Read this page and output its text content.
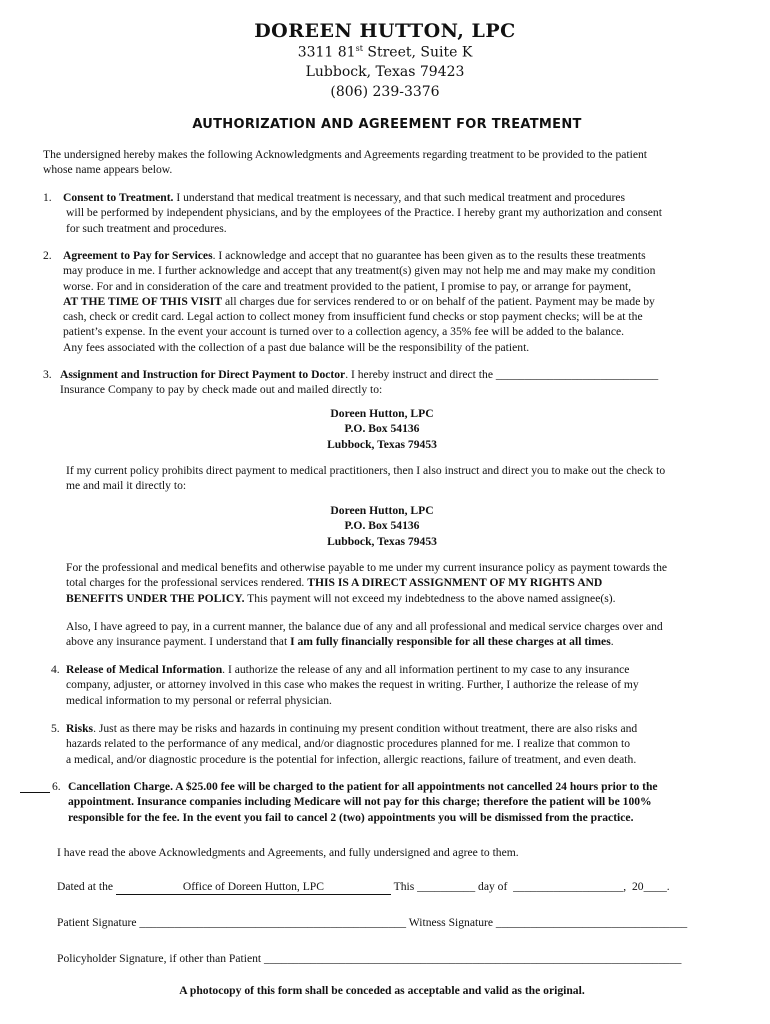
DOREEN HUTTON, LPC
3311 81st Street, Suite K
Lubbock, Texas 79423
(806) 239-3376
AUTHORIZATION AND AGREEMENT FOR TREATMENT
The undersigned hereby makes the following Acknowledgments and Agreements regarding treatment to be provided to the patient
whose name appears below.
1. Consent to Treatment. I understand that medical treatment is necessary, and that such medical treatment and procedures
will be performed by independent physicians, and by the employees of the Practice. I hereby grant my authorization and consent
for such treatment and procedures.
2. Agreement to Pay for Services. I acknowledge and accept that no guarantee has been given as to the results these treatments
may produce in me. I further acknowledge and accept that any treatment(s) given may not help me and may make my condition
worse. For and in consideration of the care and treatment provided to the patient, I promise to pay, or arrange for payment,
AT THE TIME OF THIS VISIT all charges due for services rendered to or on behalf of the patient. Payment may be made by
cash, check or credit card. Legal action to collect money from insufficient fund checks or stop payment checks; will be at the
patient’s expense. In the event your account is turned over to a collection agency, a 35% fee will be added to the balance.
Any fees associated with the collection of a past due balance will be the responsibility of the patient.
3. Assignment and Instruction for Direct Payment to Doctor. I hereby instruct and direct the ____________________________
Insurance Company to pay by check made out and mailed directly to:
Doreen Hutton, LPC
P.O. Box 54136
Lubbock, Texas 79453
If my current policy prohibits direct payment to medical practitioners, then I also instruct and direct you to make out the check to
me and mail it directly to:
Doreen Hutton, LPC
P.O. Box 54136
Lubbock, Texas 79453
For the professional and medical benefits and otherwise payable to me under my current insurance policy as payment towards the
total charges for the professional services rendered. THIS IS A DIRECT ASSIGNMENT OF MY RIGHTS AND
BENEFITS UNDER THE POLICY. This payment will not exceed my indebtedness to the above named assignee(s).
Also, I have agreed to pay, in a current manner, the balance due of any and all professional and medical service charges over and
above any insurance payment. I understand that I am fully financially responsible for all these charges at all times.
4. Release of Medical Information. I authorize the release of any and all information pertinent to my case to any insurance
company, adjuster, or attorney involved in this case who makes the request in writing. Further, I authorize the release of my
medical information to my personal or referral physician.
5. Risks. Just as there may be risks and hazards in continuing my present condition without treatment, there are also risks and
hazards related to the performance of any medical, and/or diagnostic procedures planned for me. I realize that common to
a medical, and/or diagnostic procedure is the potential for infection, allergic reactions, failure of treatment, and even death.
6. Cancellation Charge. A $25.00 fee will be charged to the patient for all appointments not cancelled 24 hours prior to the
appointment. Insurance companies including Medicare will not pay for this charge; therefore the patient will be 100%
responsible for the fee. In the event you fail to cancel 2 (two) appointments you will be dismissed from the practice.
I have read the above Acknowledgments and Agreements, and fully undersigned and agree to them.
Dated at the	Office of Doreen Hutton, LPC	This __________ day of ___________________, 20____.
Patient Signature ______________________________________________ Witness Signature _________________________________
Policyholder Signature, if other than Patient ________________________________________________________________________
A photocopy of this form shall be conceded as acceptable and valid as the original.
